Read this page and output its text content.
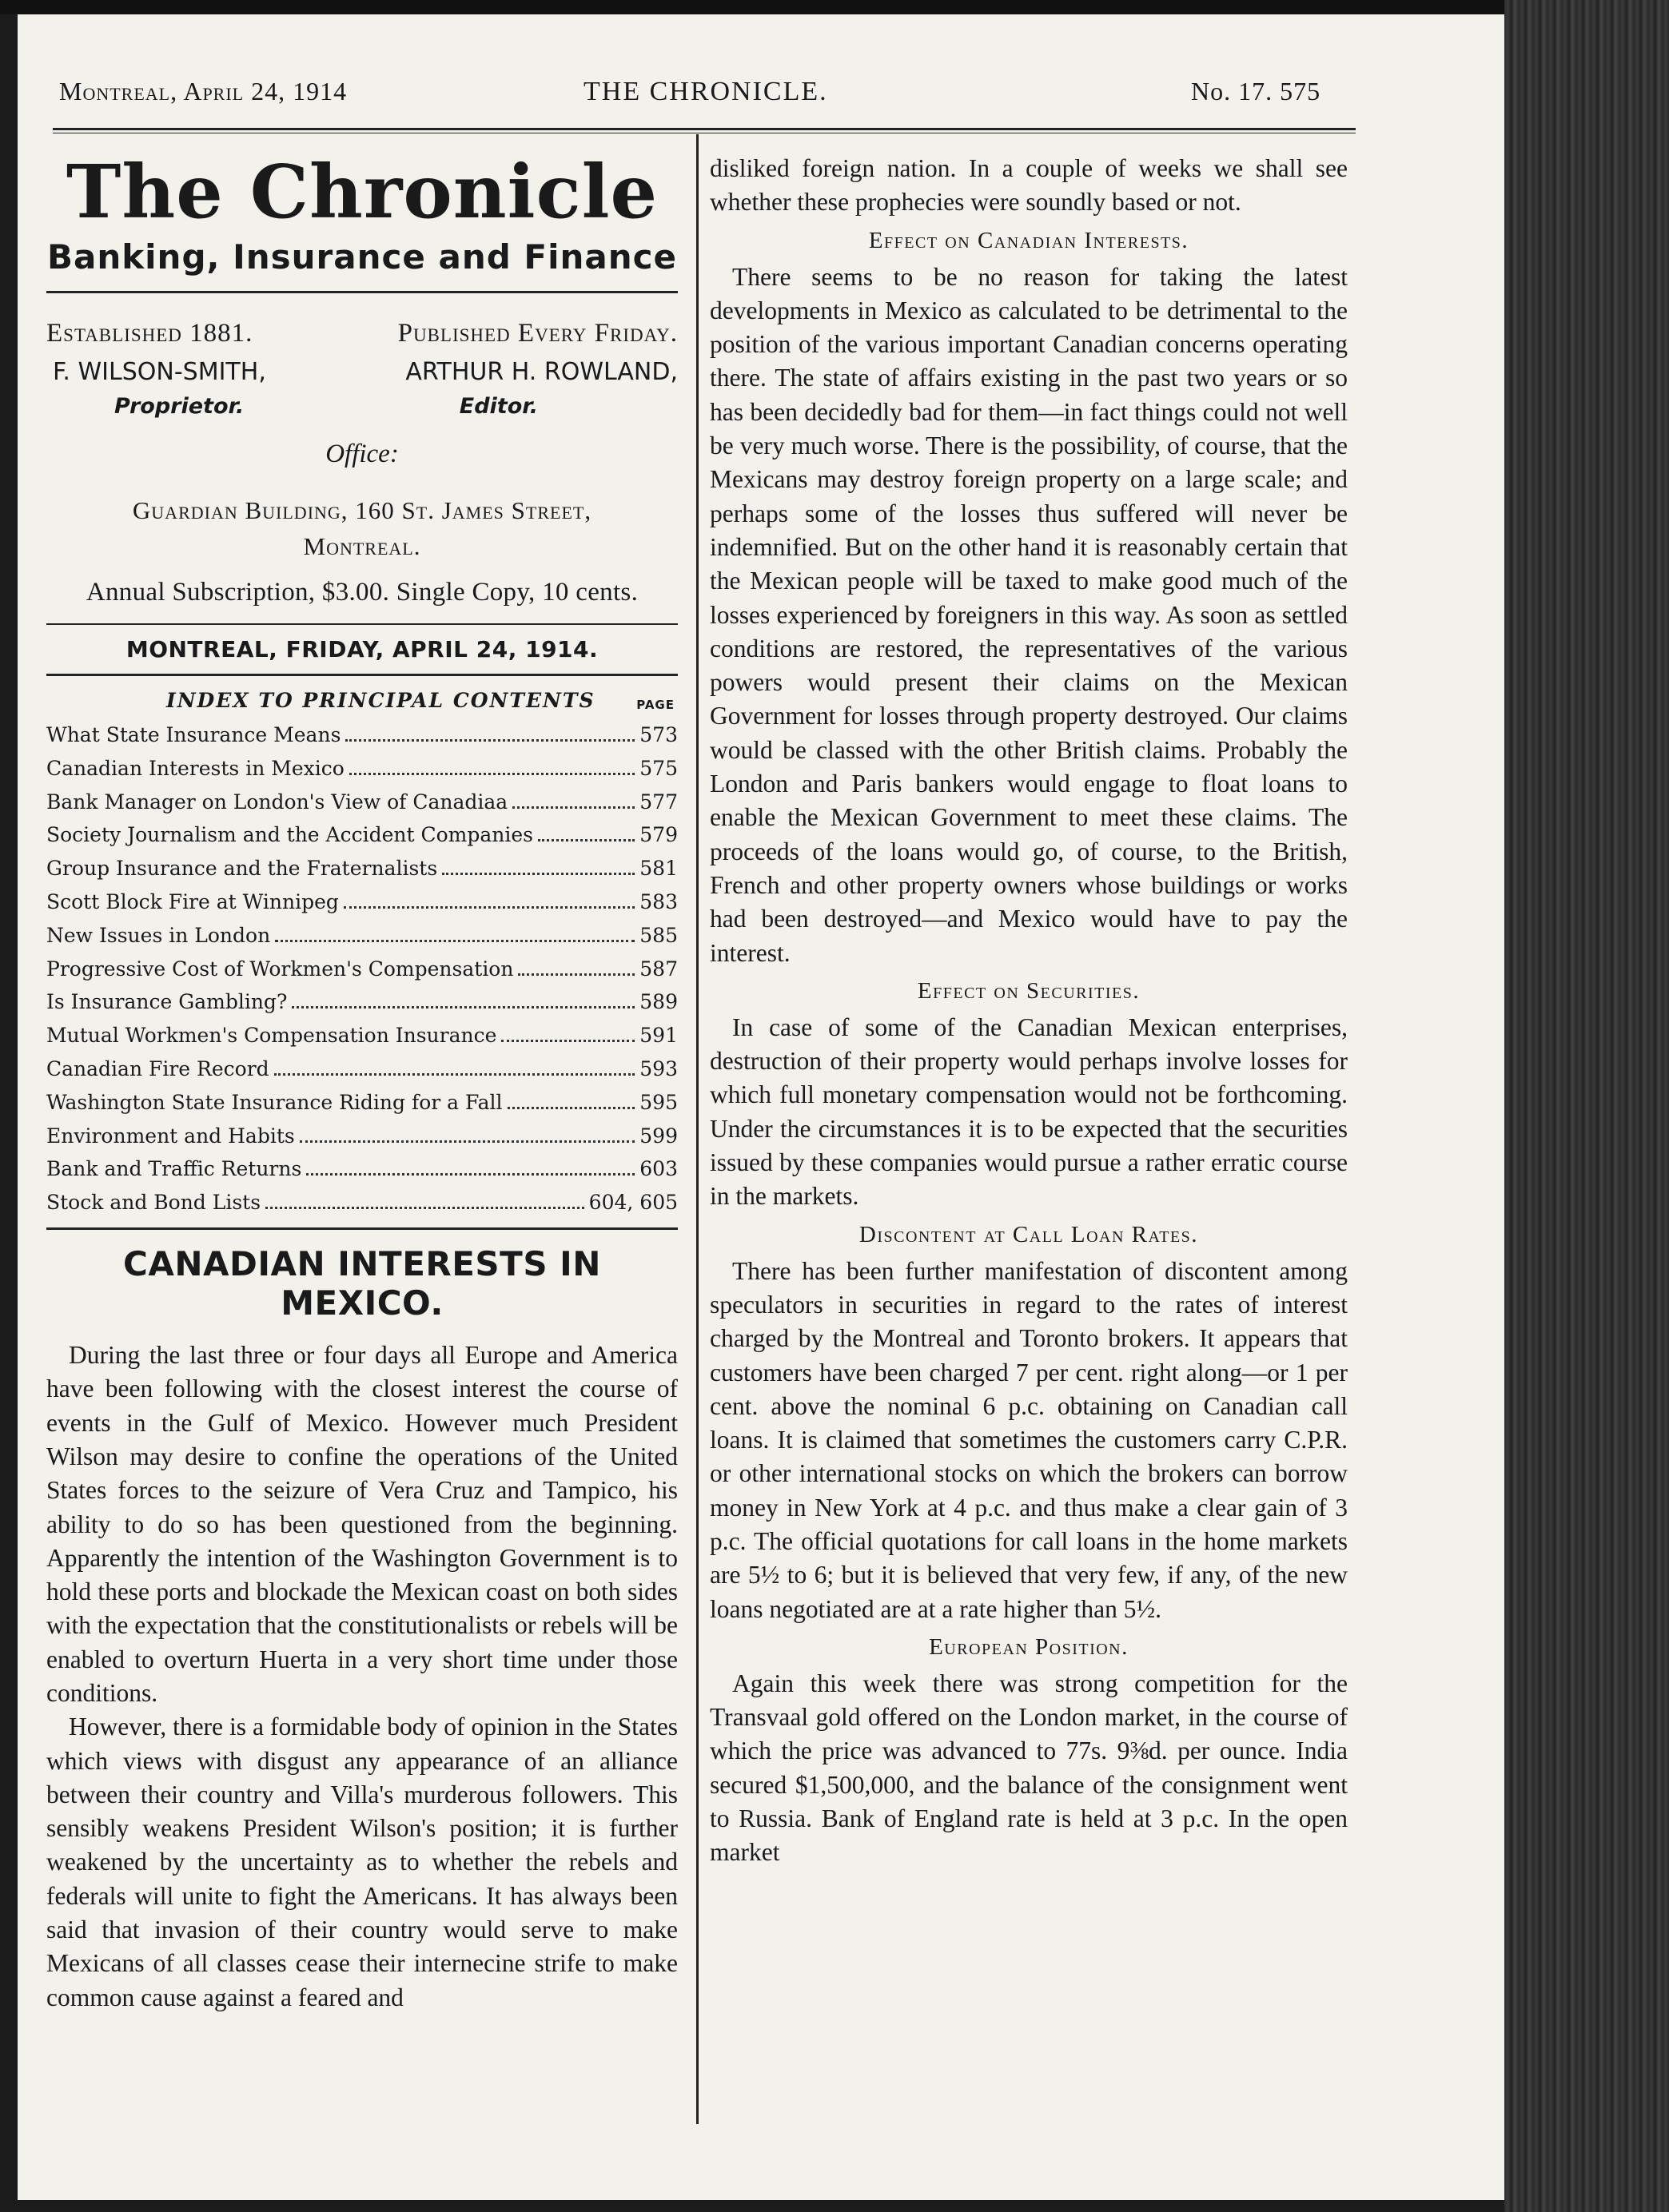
Montreal, April 24, 1914	THE CHRONICLE.	No. 17. 575
The Chronicle
Banking, Insurance and Finance
Established 1881.	Published Every Friday.
F. WILSON-SMITH,	ARTHUR H. ROWLAND,
Proprietor.	Editor.
Office:
Guardian Building, 160 St. James Street,
Montreal.
Annual Subscription, $3.00. Single Copy, 10 cents.
MONTREAL, FRIDAY, APRIL 24, 1914.
INDEX TO PRINCIPAL CONTENTS	PAGE
What State Insurance Means	573
Canadian Interests in Mexico	575
Bank Manager on London's View of Canadiaa	577
Society Journalism and the Accident Companies	579
Group Insurance and the Fraternalists	581
Scott Block Fire at Winnipeg	583
New Issues in London	585
Progressive Cost of Workmen's Compensation	587
Is Insurance Gambling?	589
Mutual Workmen's Compensation Insurance	591
Canadian Fire Record	593
Washington State Insurance Riding for a Fall	595
Environment and Habits	599
Bank and Traffic Returns	603
Stock and Bond Lists	604, 605
CANADIAN INTERESTS IN MEXICO.

During the last three or four days all Europe and America have been following with the closest interest the course of events in the Gulf of Mexico. However much President Wilson may desire to confine the operations of the United States forces to the seizure of Vera Cruz and Tampico, his ability to do so has been questioned from the beginning. Apparently the intention of the Washington Government is to hold these ports and blockade the Mexican coast on both sides with the expectation that the constitutionalists or rebels will be enabled to overturn Huerta in a very short time under those conditions.

However, there is a formidable body of opinion in the States which views with disgust any appearance of an alliance between their country and Villa's murderous followers. This sensibly weakens President Wilson's position; it is further weakened by the uncertainty as to whether the rebels and federals will unite to fight the Americans. It has always been said that invasion of their country would serve to make Mexicans of all classes cease their internecine strife to make common cause against a feared and

disliked foreign nation. In a couple of weeks we shall see whether these prophecies were soundly based or not.

Effect on Canadian Interests.

There seems to be no reason for taking the latest developments in Mexico as calculated to be detrimental to the position of the various important Canadian concerns operating there. The state of affairs existing in the past two years or so has been decidedly bad for them—in fact things could not well be very much worse. There is the possibility, of course, that the Mexicans may destroy foreign property on a large scale; and perhaps some of the losses thus suffered will never be indemnified. But on the other hand it is reasonably certain that the Mexican people will be taxed to make good much of the losses experienced by foreigners in this way. As soon as settled conditions are restored, the representatives of the various powers would present their claims on the Mexican Government for losses through property destroyed. Our claims would be classed with the other British claims. Probably the London and Paris bankers would engage to float loans to enable the Mexican Government to meet these claims. The proceeds of the loans would go, of course, to the British, French and other property owners whose buildings or works had been destroyed—and Mexico would have to pay the interest.

Effect on Securities.

In case of some of the Canadian Mexican enterprises, destruction of their property would perhaps involve losses for which full monetary compensation would not be forthcoming. Under the circumstances it is to be expected that the securities issued by these companies would pursue a rather erratic course in the markets.

Discontent at Call Loan Rates.

There has been further manifestation of discontent among speculators in securities in regard to the rates of interest charged by the Montreal and Toronto brokers. It appears that customers have been charged 7 per cent. right along—or 1 per cent. above the nominal 6 p.c. obtaining on Canadian call loans. It is claimed that sometimes the customers carry C.P.R. or other international stocks on which the brokers can borrow money in New York at 4 p.c. and thus make a clear gain of 3 p.c. The official quotations for call loans in the home markets are 5½ to 6; but it is believed that very few, if any, of the new loans negotiated are at a rate higher than 5½.

European Position.

Again this week there was strong competition for the Transvaal gold offered on the London market, in the course of which the price was advanced to 77s. 9⅜d. per ounce. India secured $1,500,000, and the balance of the consignment went to Russia. Bank of England rate is held at 3 p.c. In the open market
